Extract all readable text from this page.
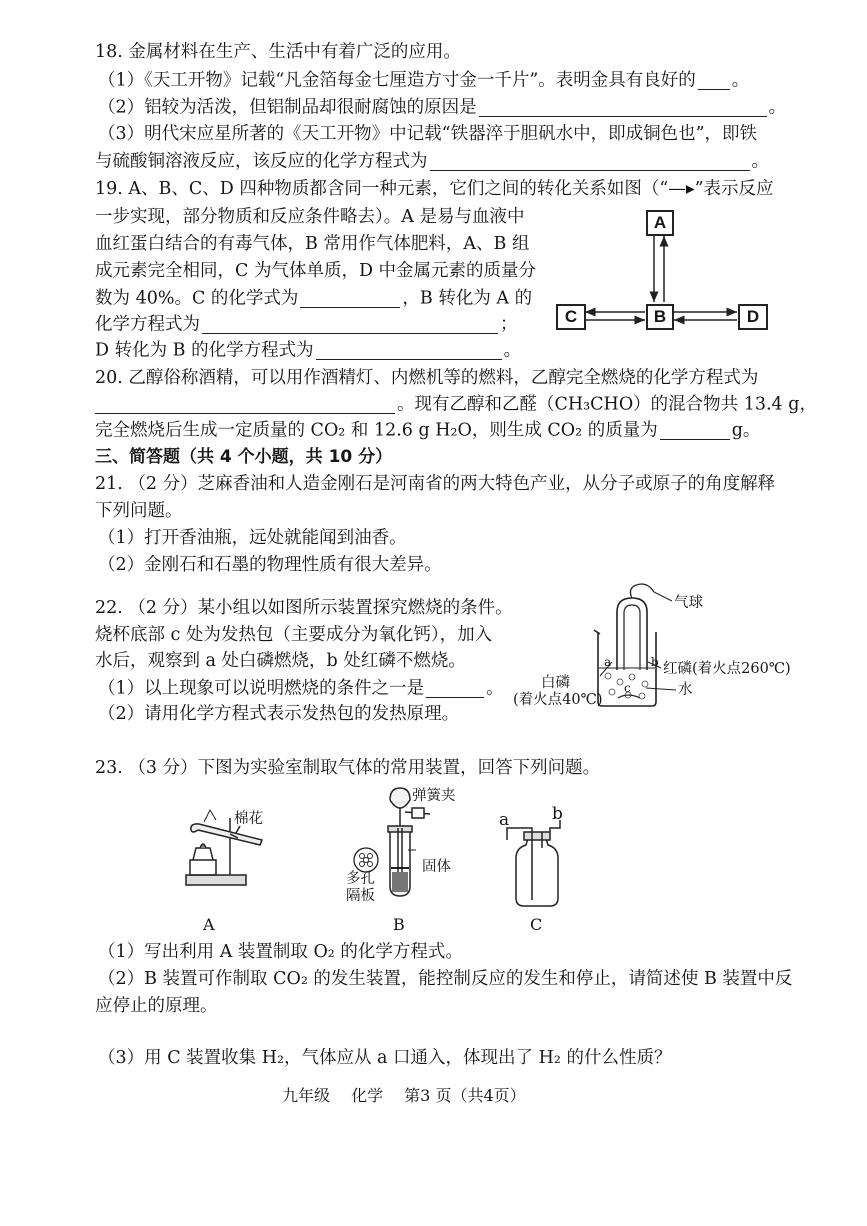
18. 金属材料在生产、生活中有着广泛的应用。
（1）《天工开物》记载“凡金箔每金七厘造方寸金一千片”。表明金具有良好的 。
（2）铝较为活泼，但铝制品却很耐腐蚀的原因是	。
（3）明代宋应星所著的《天工开物》中记载“铁器淬于胆矾水中，即成铜色也”，即铁
与硫酸铜溶液反应，该反应的化学方程式为	。
19. A、B、C、D 四种物质都含同一种元素，它们之间的转化关系如图（“—▸”表示反应
一步实现，部分物质和反应条件略去）。A 是易与血液中
血红蛋白结合的有毒气体，B 常用作气体肥料，A、B 组
成元素完全相同，C 为气体单质，D 中金属元素的质量分
数为 40%。C 的化学式为	，B 转化为 A 的
化学方程式为	；
D 转化为 B 的化学方程式为	。
A
B
C	D
20. 乙醇俗称酒精，可以用作酒精灯、内燃机等的燃料，乙醇完全燃烧的化学方程式为
。现有乙醇和乙醛（CH₃CHO）的混合物共 13.4 g，
完全燃烧后生成一定质量的 CO₂ 和 12.6 g H₂O，则生成 CO₂ 的质量为	g。
三、简答题（共 4 个小题，共 10 分）
21. （2 分）芝麻香油和人造金刚石是河南省的两大特色产业，从分子或原子的角度解释
下列问题。
（1）打开香油瓶，远处就能闻到油香。
（2）金刚石和石墨的物理性质有很大差异。
22. （2 分）某小组以如图所示装置探究燃烧的条件。
烧杯底部 c 处为发热包（主要成分为氧化钙），加入
水后，观察到 a 处白磷燃烧，b 处红磷不燃烧。
（1）以上现象可以说明燃烧的条件之一是	。
（2）请用化学方程式表示发热包的发热原理。
气球
红磷(着火点260℃)
水
白磷
(着火点40℃)
a	b
c
23. （3 分）下图为实验室制取气体的常用装置，回答下列问题。
棉花
弹簧夹
固体
多孔
隔板
a	b
A	B	C
（1）写出利用 A 装置制取 O₂ 的化学方程式。
（2）B 装置可作制取 CO₂ 的发生装置，能控制反应的发生和停止，请简述使 B 装置中反
应停止的原理。
（3）用 C 装置收集 H₂，气体应从 a 口通入，体现出了 H₂ 的什么性质？
九年级　 化学　 第3 页（共4页）
